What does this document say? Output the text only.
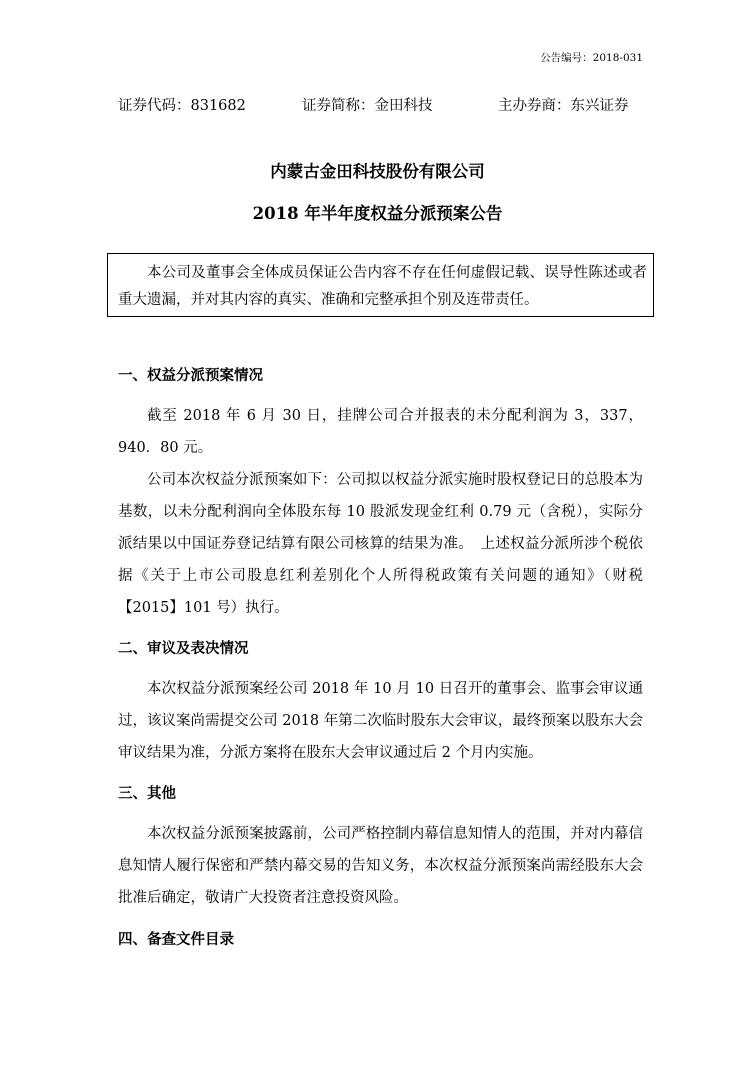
公告编号：2018-031
证券代码：831682	证券简称：金田科技	主办券商：东兴证券
内蒙古金田科技股份有限公司
2018 年半年度权益分派预案公告

本公司及董事会全体成员保证公告内容不存在任何虚假记载、误导性陈述或者重大遗漏，并对其内容的真实、准确和完整承担个别及连带责任。

一、权益分派预案情况

截至 2018 年 6 月 30 日，挂牌公司合并报表的未分配利润为 3，337，940．80 元。

公司本次权益分派预案如下：公司拟以权益分派实施时股权登记日的总股本为基数，以未分配利润向全体股东每 10 股派发现金红利 0.79 元（含税），实际分派结果以中国证券登记结算有限公司核算的结果为准。　上述权益分派所涉个税依据《关于上市公司股息红利差别化个人所得税政策有关问题的通知》（财税【2015】101 号）执行。

二、审议及表决情况

本次权益分派预案经公司 2018 年 10 月 10 日召开的董事会、监事会审议通过，该议案尚需提交公司 2018 年第二次临时股东大会审议，最终预案以股东大会审议结果为准，分派方案将在股东大会审议通过后 2 个月内实施。

三、其他

本次权益分派预案披露前，公司严格控制内幕信息知情人的范围，并对内幕信息知情人履行保密和严禁内幕交易的告知义务，本次权益分派预案尚需经股东大会批准后确定，敬请广大投资者注意投资风险。

四、备查文件目录
